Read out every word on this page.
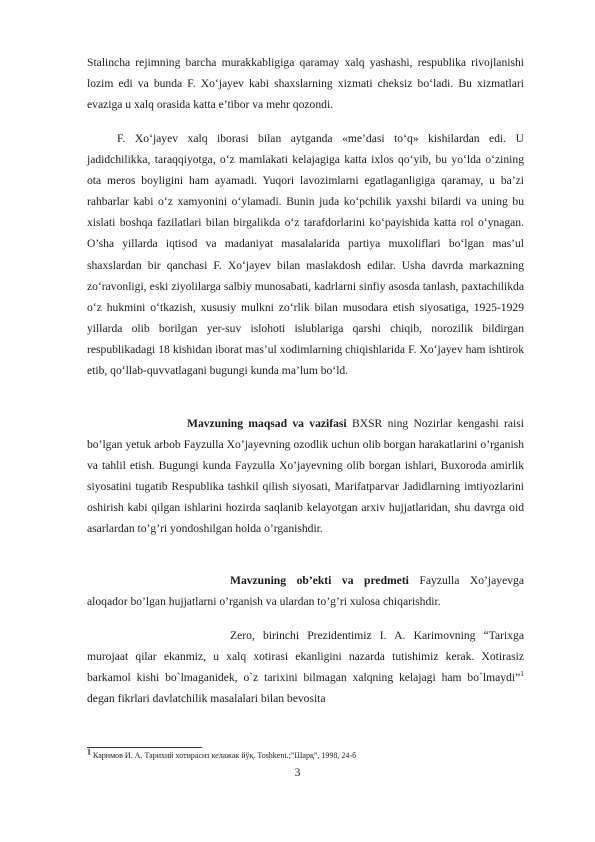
Stalincha rejimning barcha murakkabligiga qaramay xalq yashashi, respublika rivojlanishi lozim edi va bunda F. Xo‘jayev kabi shaxslarning xizmati cheksiz bo‘ladi. Bu xizmatlari evaziga u xalq orasida katta e’tibor va mehr qozondi.

F. Xo‘jayev xalq iborasi bilan aytganda «me’dasi to‘q» kishilardan edi. U jadidchilikka, taraqqiyotga, o‘z mamlakati kelajagiga katta ixlos qo‘yib, bu yo‘lda o‘zining ota meros boyligini ham ayamadi. Yuqori lavozimlarni egatlaganligiga qaramay, u ba’zi rahbarlar kabi o‘z xamyonini o‘ylamadi. Bunin juda ko‘pchilik yaxshi bilardi va uning bu xislati boshqa fazilatlari bilan birgalikda o‘z tarafdorlarini ko‘payishida katta rol o‘ynagan. O’sha yillarda iqtisod va madaniyat masalalarida partiya muxoliflari bo‘lgan mas’ul shaxslardan bir qanchasi F. Xo‘jayev bilan maslakdosh edilar. Usha davrda markazning zo‘ravonligi, eski ziyolilarga salbiy munosabati, kadrlarni sinfiy asosda tanlash, paxtachilikda o‘z hukmini o‘tkazish, xususiy mulkni zo‘rlik bilan musodara etish siyosatiga, 1925-1929 yillarda olib borilgan yer-suv islohoti islublariga qarshi chiqib, norozilik bildirgan respublikadagi 18 kishidan iborat mas’ul xodimlarning chiqishlarida F. Xo‘jayev ham ishtirok etib, qo‘llab-quvvatlagani bugungi kunda ma’lum bo‘ld.

Mavzuning maqsad va vazifasi BXSR ning Nozirlar kengashi raisi bo’lgan yetuk arbob Fayzulla Xo’jayevning ozodlik uchun olib borgan harakatlarini o’rganish va tahlil etish. Bugungi kunda Fayzulla Xo’jayevning olib borgan ishlari, Buxoroda amirlik siyosatini tugatib Respublika tashkil qilish siyosati, Marifatparvar Jadidlarning imtiyozlarini oshirish kabi qilgan ishlarini hozirda saqlanib kelayotgan arxiv hujjatlaridan, shu davrga oid asarlardan to’g’ri yondoshilgan holda o’rganishdir.

Mavzuning ob’ekti va predmeti Fayzulla Xo’jayevga aloqador bo’lgan hujjatlarni o’rganish va ulardan to’g’ri xulosa chiqarishdir.

Zero, birinchi Prezidentimiz I. A. Karimovning “Tarixga murojaat qilar ekanmiz, u xalq xotirasi ekanligini nazarda tutishimiz kerak. Xotirasiz barkamol kishi bo`lmaganidek, o`z tarixini bilmagan xalqning kelajagi ham bo`lmaydi”$^1$ degan fikrlari davlatchilik masalalari bilan bevosita

1 Каримов И. А. Тарихий хотирасиз келажак йўқ. Toshkent.;”Шарқ”, 1998, 24-б
3
